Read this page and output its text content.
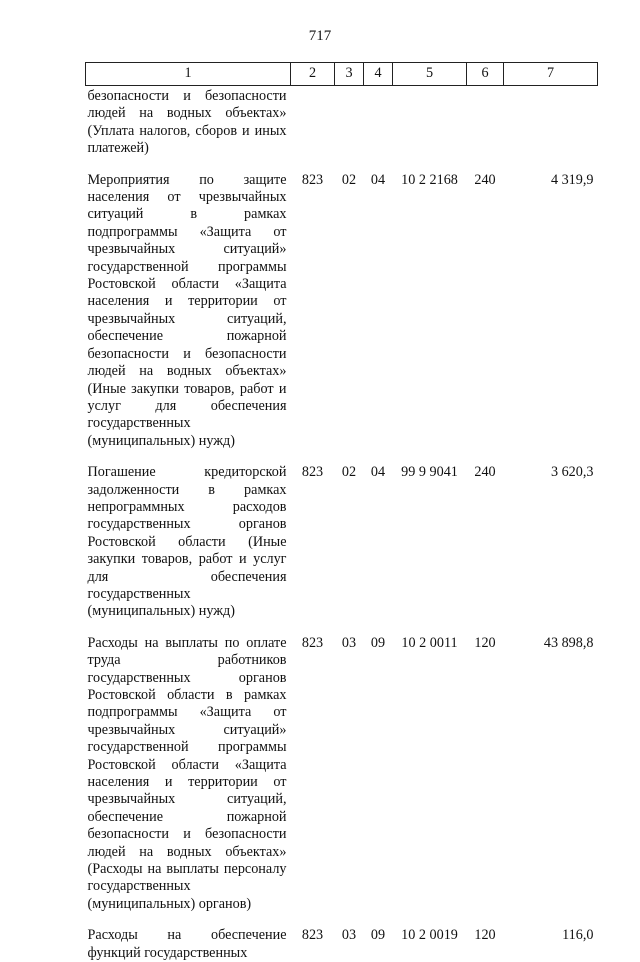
717
1	2	3	4	5	6	7
безопасности и безопасности людей на водных объектах» (Уплата налогов, сборов и иных платежей)						
Мероприятия по защите населения от чрезвычайных ситуаций в рамках подпрограммы «Защита от чрезвычайных ситуаций» государственной программы Ростовской области «Защита населения и территории от чрезвычайных ситуаций, обеспечение пожарной безопасности и безопасности людей на водных объектах» (Иные закупки товаров, работ и услуг для обеспечения государственных (муниципальных) нужд)	823	02	04	10 2 2168	240	4 319,9
Погашение кредиторской задолженности в рамках непрограммных расходов государственных органов Ростовской области (Иные закупки товаров, работ и услуг для обеспечения государственных (муниципальных) нужд)	823	02	04	99 9 9041	240	3 620,3
Расходы на выплаты по оплате труда работников государственных органов Ростовской области в рамках подпрограммы «Защита от чрезвычайных ситуаций» государственной программы Ростовской области «Защита населения и территории от чрезвычайных ситуаций, обеспечение пожарной безопасности и безопасности людей на водных объектах» (Расходы на выплаты персоналу государственных (муниципальных) органов)	823	03	09	10 2 0011	120	43 898,8
Расходы на обеспечение функций государственных	823	03	09	10 2 0019	120	116,0
